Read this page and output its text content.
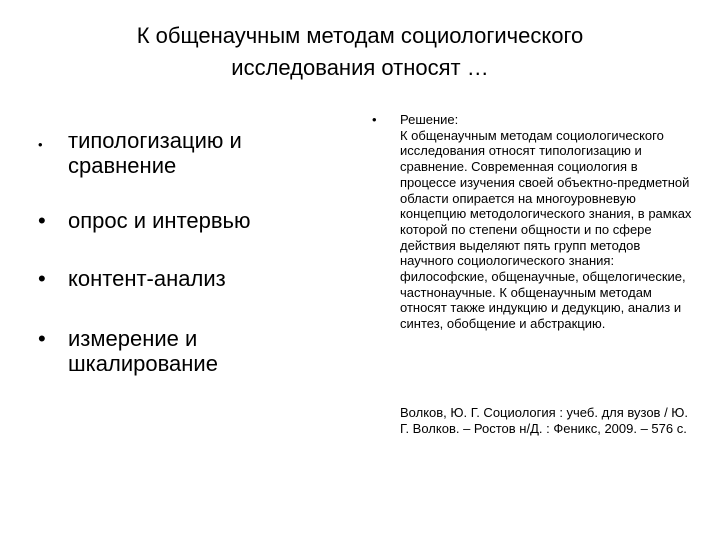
К общенаучным методам социологического
исследования относят …
•	типологизацию и сравнение
•	опрос и интервью
•	контент-анализ
•	измерение и шкалирование
• Решение:
К общенаучным методам социологического исследования относят типологизацию и сравнение. Современная социология в процессе изучения своей объектно-предметной области опирается на многоуровневую концепцию методологического знания, в рамках которой по степени общности и по сфере действия выделяют пять групп методов научного социологического знания: философские, общенаучные, общелогические, частнонаучные. К общенаучным методам относят также индукцию и дедукцию, анализ и синтез, обобщение и абстракцию.
Волков, Ю. Г. Социология : учеб. для вузов / Ю. Г. Волков. – Ростов н/Д. : Феникс, 2009. – 576 с.
